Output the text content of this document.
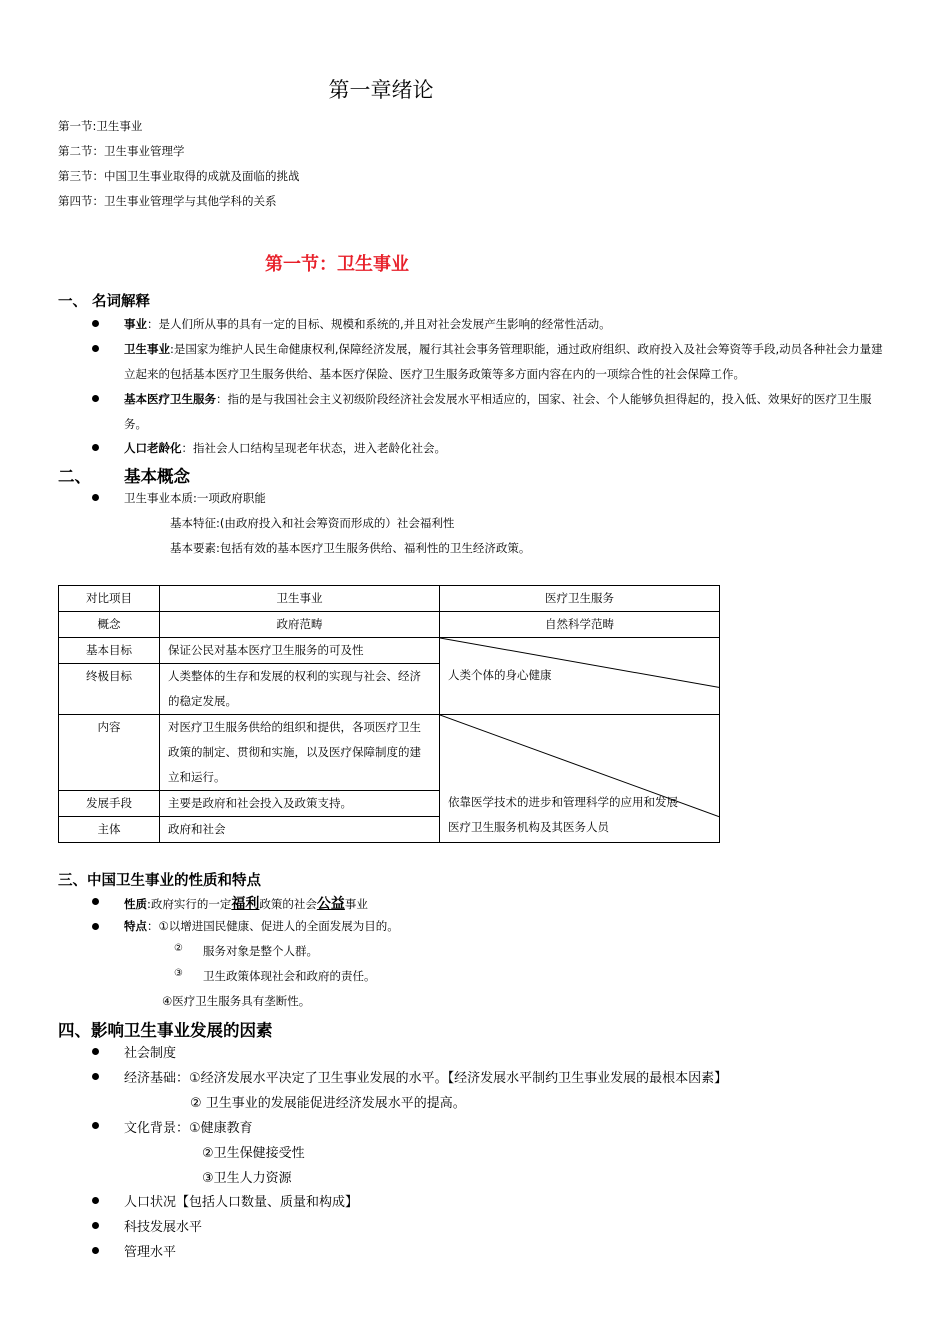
第一章绪论
第一节:卫生事业
第二节：卫生事业管理学
第三节：中国卫生事业取得的成就及面临的挑战
第四节：卫生事业管理学与其他学科的关系
第一节：卫生事业
一、 名词解释
事业：是人们所从事的具有一定的目标、规模和系统的,并且对社会发展产生影响的经常性活动。
卫生事业:是国家为维护人民生命健康权利,保障经济发展，履行其社会事务管理职能，通过政府组织、政府投入及社会筹资等手段,动员各种社会力量建立起来的包括基本医疗卫生服务供给、基本医疗保险、医疗卫生服务政策等多方面内容在内的一项综合性的社会保障工作。
基本医疗卫生服务：指的是与我国社会主义初级阶段经济社会发展水平相适应的，国家、社会、个人能够负担得起的，投入低、效果好的医疗卫生服务。
人口老龄化：指社会人口结构呈现老年状态，进入老龄化社会。
二、 基本概念
卫生事业本质:一项政府职能
基本特征:(由政府投入和社会筹资而形成的）社会福利性
基本要素:包括有效的基本医疗卫生服务供给、福利性的卫生经济政策。
对比项目	卫生事业	医疗卫生服务
概念	政府范畴	自然科学范畴
基本目标	保证公民对基本医疗卫生服务的可及性	人类个体的身心健康

终极目标	人类整体的生存和发展的权利的实现与社会、经济的稳定发展。	
内容	对医疗卫生服务供给的组织和提供，各项医疗卫生政策的制定、贯彻和实施，以及医疗保障制度的建立和运行。	依靠医学技术的进步和管理科学的应用和发展
医疗卫生服务机构及其医务人员

发展手段	主要是政府和社会投入及政策支持。	
主体	政府和社会	
三、中国卫生事业的性质和特点
性质:政府实行的一定福利政策的社会公益事业
特点：①以增进国民健康、促进人的全面发展为目的。
② 服务对象是整个人群。
③ 卫生政策体现社会和政府的责任。
④医疗卫生服务具有垄断性。
四、影响卫生事业发展的因素
社会制度
经济基础：①经济发展水平决定了卫生事业发展的水平。【经济发展水平制约卫生事业发展的最根本因素】
② 卫生事业的发展能促进经济发展水平的提高。
文化背景：①健康教育
②卫生保健接受性
③卫生人力资源
人口状况【包括人口数量、质量和构成】
科技发展水平
管理水平
